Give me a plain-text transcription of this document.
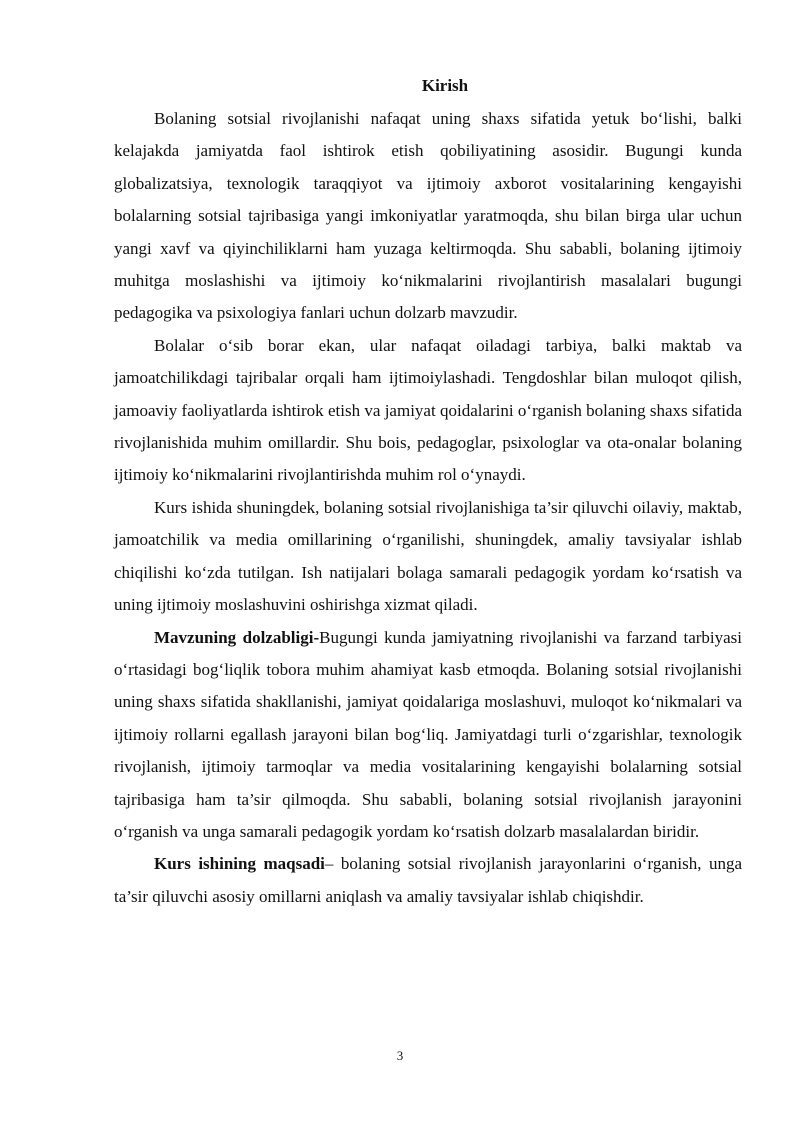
Kirish

Bolaning sotsial rivojlanishi nafaqat uning shaxs sifatida yetuk bo‘lishi, balki kelajakda jamiyatda faol ishtirok etish qobiliyatining asosidir. Bugungi kunda globalizatsiya, texnologik taraqqiyot va ijtimoiy axborot vositalarining kengayishi bolalarning sotsial tajribasiga yangi imkoniyatlar yaratmoqda, shu bilan birga ular uchun yangi xavf va qiyinchiliklarni ham yuzaga keltirmoqda. Shu sababli, bolaning ijtimoiy muhitga moslashishi va ijtimoiy ko‘nikmalarini rivojlantirish masalalari bugungi pedagogika va psixologiya fanlari uchun dolzarb mavzudir.

Bolalar o‘sib borar ekan, ular nafaqat oiladagi tarbiya, balki maktab va jamoatchilikdagi tajribalar orqali ham ijtimoiylashadi. Tengdoshlar bilan muloqot qilish, jamoaviy faoliyatlarda ishtirok etish va jamiyat qoidalarini o‘rganish bolaning shaxs sifatida rivojlanishida muhim omillardir. Shu bois, pedagoglar, psixologlar va ota-onalar bolaning ijtimoiy ko‘nikmalarini rivojlantirishda muhim rol o‘ynaydi.

Kurs ishida shuningdek, bolaning sotsial rivojlanishiga ta’sir qiluvchi oilaviy, maktab, jamoatchilik va media omillarining o‘rganilishi, shuningdek, amaliy tavsiyalar ishlab chiqilishi ko‘zda tutilgan. Ish natijalari bolaga samarali pedagogik yordam ko‘rsatish va uning ijtimoiy moslashuvini oshirishga xizmat qiladi.

Mavzuning dolzabligi-Bugungi kunda jamiyatning rivojlanishi va farzand tarbiyasi o‘rtasidagi bog‘liqlik tobora muhim ahamiyat kasb etmoqda. Bolaning sotsial rivojlanishi uning shaxs sifatida shakllanishi, jamiyat qoidalariga moslashuvi, muloqot ko‘nikmalari va ijtimoiy rollarni egallash jarayoni bilan bog‘liq. Jamiyatdagi turli o‘zgarishlar, texnologik rivojlanish, ijtimoiy tarmoqlar va media vositalarining kengayishi bolalarning sotsial tajribasiga ham ta’sir qilmoqda. Shu sababli, bolaning sotsial rivojlanish jarayonini o‘rganish va unga samarali pedagogik yordam ko‘rsatish dolzarb masalalardan biridir.

Kurs ishining maqsadi– bolaning sotsial rivojlanish jarayonlarini o‘rganish, unga ta’sir qiluvchi asosiy omillarni aniqlash va amaliy tavsiyalar ishlab chiqishdir.

3
